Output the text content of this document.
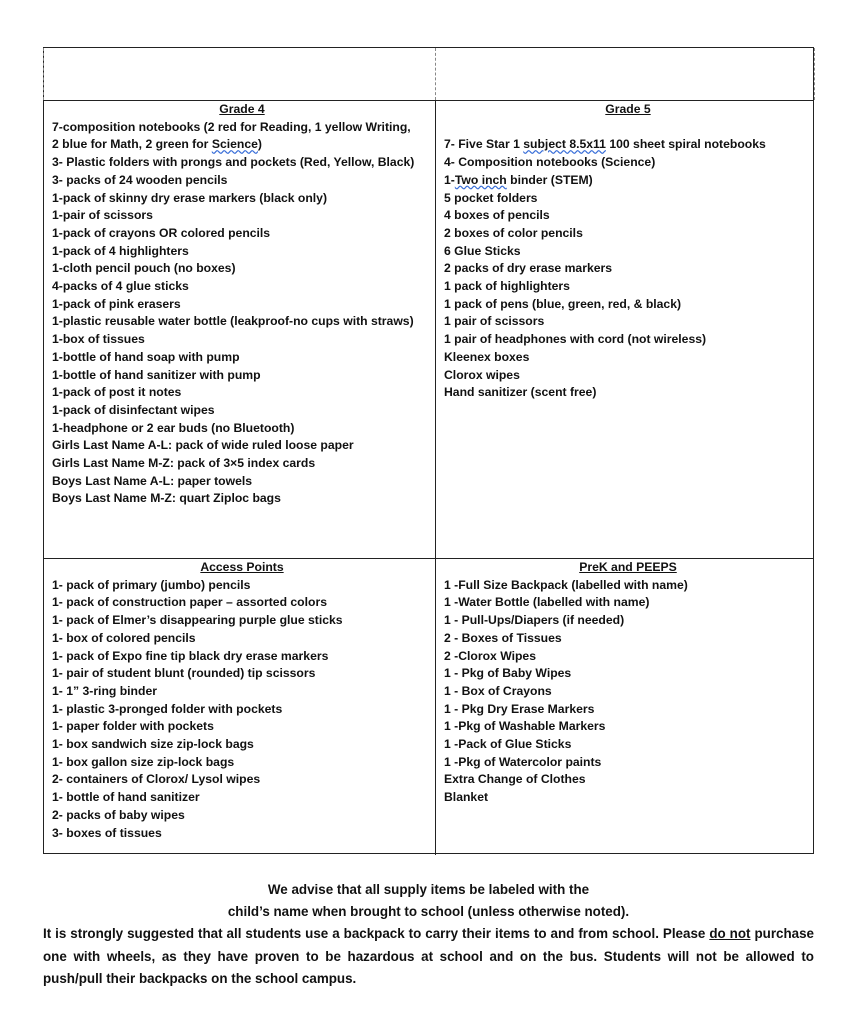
Grade 4
7-composition notebooks (2 red for Reading, 1 yellow Writing,
2 blue for Math, 2 green for Science)
3- Plastic folders with prongs and pockets (Red, Yellow, Black)
3- packs of 24 wooden pencils
1-pack of skinny dry erase markers (black only)
1-pair of scissors
1-pack of crayons OR colored pencils
1-pack of 4 highlighters
1-cloth pencil pouch (no boxes)
4-packs of 4 glue sticks
1-pack of pink erasers
1-plastic reusable water bottle (leakproof-no cups with straws)
1-box of tissues
1-bottle of hand soap with pump
1-bottle of hand sanitizer with pump
1-pack of post it notes
1-pack of disinfectant wipes
1-headphone or 2 ear buds (no Bluetooth)
Girls Last Name A-L: pack of wide ruled loose paper
Girls Last Name M-Z: pack of 3×5 index cards
Boys Last Name A-L: paper towels
Boys Last Name M-Z: quart Ziploc bags
Grade 5
7- Five Star 1 subject 8.5x11 100 sheet spiral notebooks
4- Composition notebooks (Science)
1-Two inch binder (STEM)
5 pocket folders
4 boxes of pencils
2 boxes of color pencils
6 Glue Sticks
2 packs of dry erase markers
1 pack of highlighters
1 pack of pens (blue, green, red, & black)
1 pair of scissors
1 pair of headphones with cord (not wireless)
Kleenex boxes
Clorox wipes
Hand sanitizer (scent free)
Access Points
1- pack of primary (jumbo) pencils
1- pack of construction paper – assorted colors
1- pack of Elmer’s disappearing purple glue sticks
1- box of colored pencils
1- pack of Expo fine tip black dry erase markers
1- pair of student blunt (rounded) tip scissors
1- 1” 3-ring binder
1- plastic 3-pronged folder with pockets
1- paper folder with pockets
1- box sandwich size zip-lock bags
1- box gallon size zip-lock bags
2- containers of Clorox/ Lysol wipes
1- bottle of hand sanitizer
2- packs of baby wipes
3- boxes of tissues
PreK and PEEPS
1 -Full Size Backpack (labelled with name)
1 -Water Bottle (labelled with name)
1 - Pull-Ups/Diapers (if needed)
2 - Boxes of Tissues
2 -Clorox Wipes
1 - Pkg of Baby Wipes
1 - Box of Crayons
1 - Pkg Dry Erase Markers
1 -Pkg of Washable Markers
1 -Pack of Glue Sticks
1 -Pkg of Watercolor paints
Extra Change of Clothes
Blanket
We advise that all supply items be labeled with the
child’s name when brought to school (unless otherwise noted).
It is strongly suggested that all students use a backpack to carry their items to and from school. Please do not purchase one with wheels, as they have proven to be hazardous at school and on the bus. Students will not be allowed to push/pull their backpacks on the school campus.
